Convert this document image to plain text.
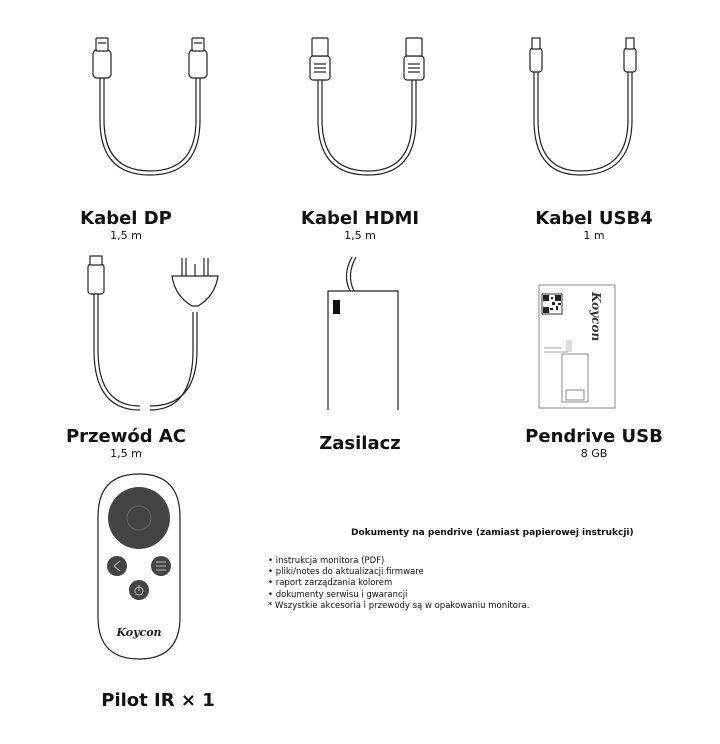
Kabel DP
1,5 m
Kabel HDMI
1,5 m
Kabel USB4
1 m
Przewód AC
1,5 m	Zasilacz
Koycon
Pendrive USB
8 GB
Koycon
Pilot IR × 1
Dokumenty na pendrive (zamiast papierowej instrukcji)
• instrukcja monitora (PDF)
• pliki/notes do aktualizacji firmware
• raport zarządzania kolorem
• dokumenty serwisu i gwarancji
* Wszystkie akcesoria i przewody są w opakowaniu monitora.
